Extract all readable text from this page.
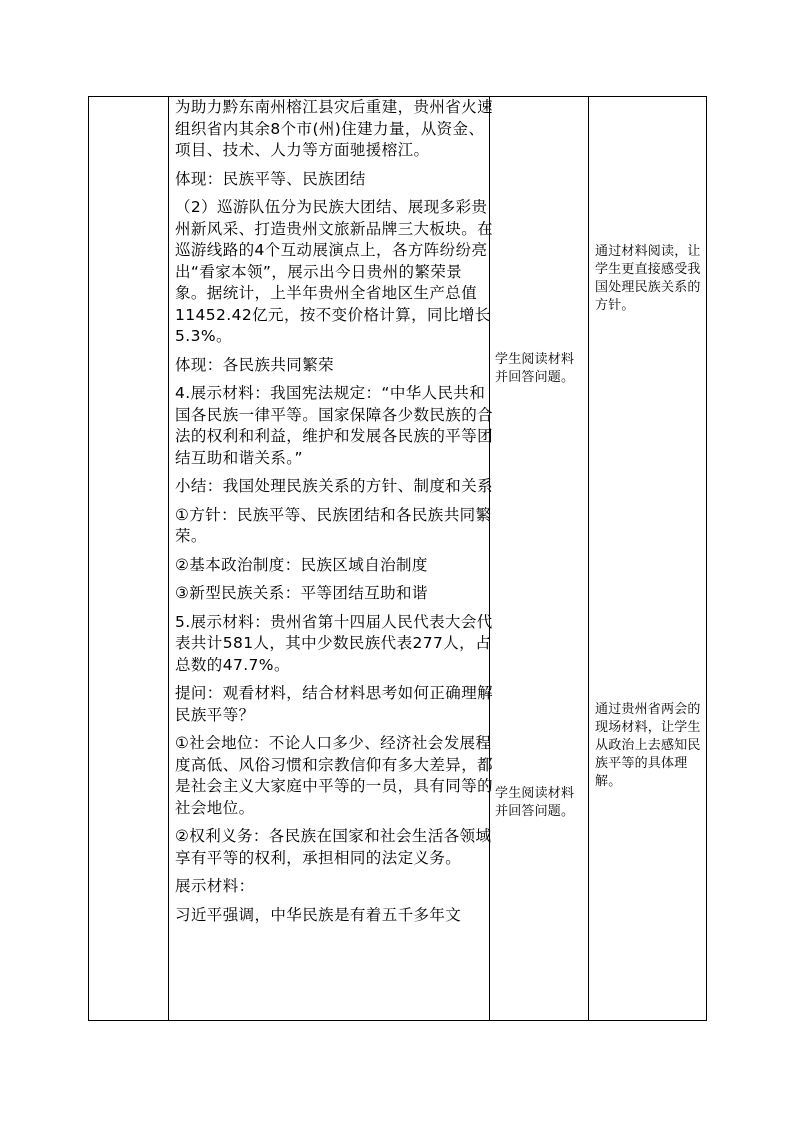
为助力黔东南州榕江县灾后重建，贵州省火速组织省内其余8个市(州)住建力量，从资金、项目、技术、人力等方面驰援榕江。

体现：民族平等、民族团结

（2）巡游队伍分为民族大团结、展现多彩贵州新风采、打造贵州文旅新品牌三大板块。在巡游线路的4个互动展演点上，各方阵纷纷亮出“看家本领”，展示出今日贵州的繁荣景象。据统计，上半年贵州全省地区生产总值11452.42亿元，按不变价格计算，同比增长5.3%。

体现：各民族共同繁荣

4.展示材料：我国宪法规定：“中华人民共和国各民族一律平等。国家保障各少数民族的合法的权利和利益，维护和发展各民族的平等团结互助和谐关系。”

小结：我国处理民族关系的方针、制度和关系

①方针：民族平等、民族团结和各民族共同繁荣。

②基本政治制度：民族区域自治制度

③新型民族关系：平等团结互助和谐

5.展示材料：贵州省第十四届人民代表大会代表共计581人，其中少数民族代表277人，占总数的47.7%。

提问：观看材料，结合材料思考如何正确理解民族平等？

①社会地位：不论人口多少、经济社会发展程度高低、风俗习惯和宗教信仰有多大差异，都是社会主义大家庭中平等的一员，具有同等的社会地位。

②权利义务：各民族在国家和社会生活各领域享有平等的权利，承担相同的法定义务。

展示材料：

习近平强调，中华民族是有着五千多年文

学生阅读材料并回答问题。
学生阅读材料并回答问题。
通过材料阅读，让学生更直接感受我国处理民族关系的方针。
通过贵州省两会的现场材料，让学生从政治上去感知民族平等的具体理解。
